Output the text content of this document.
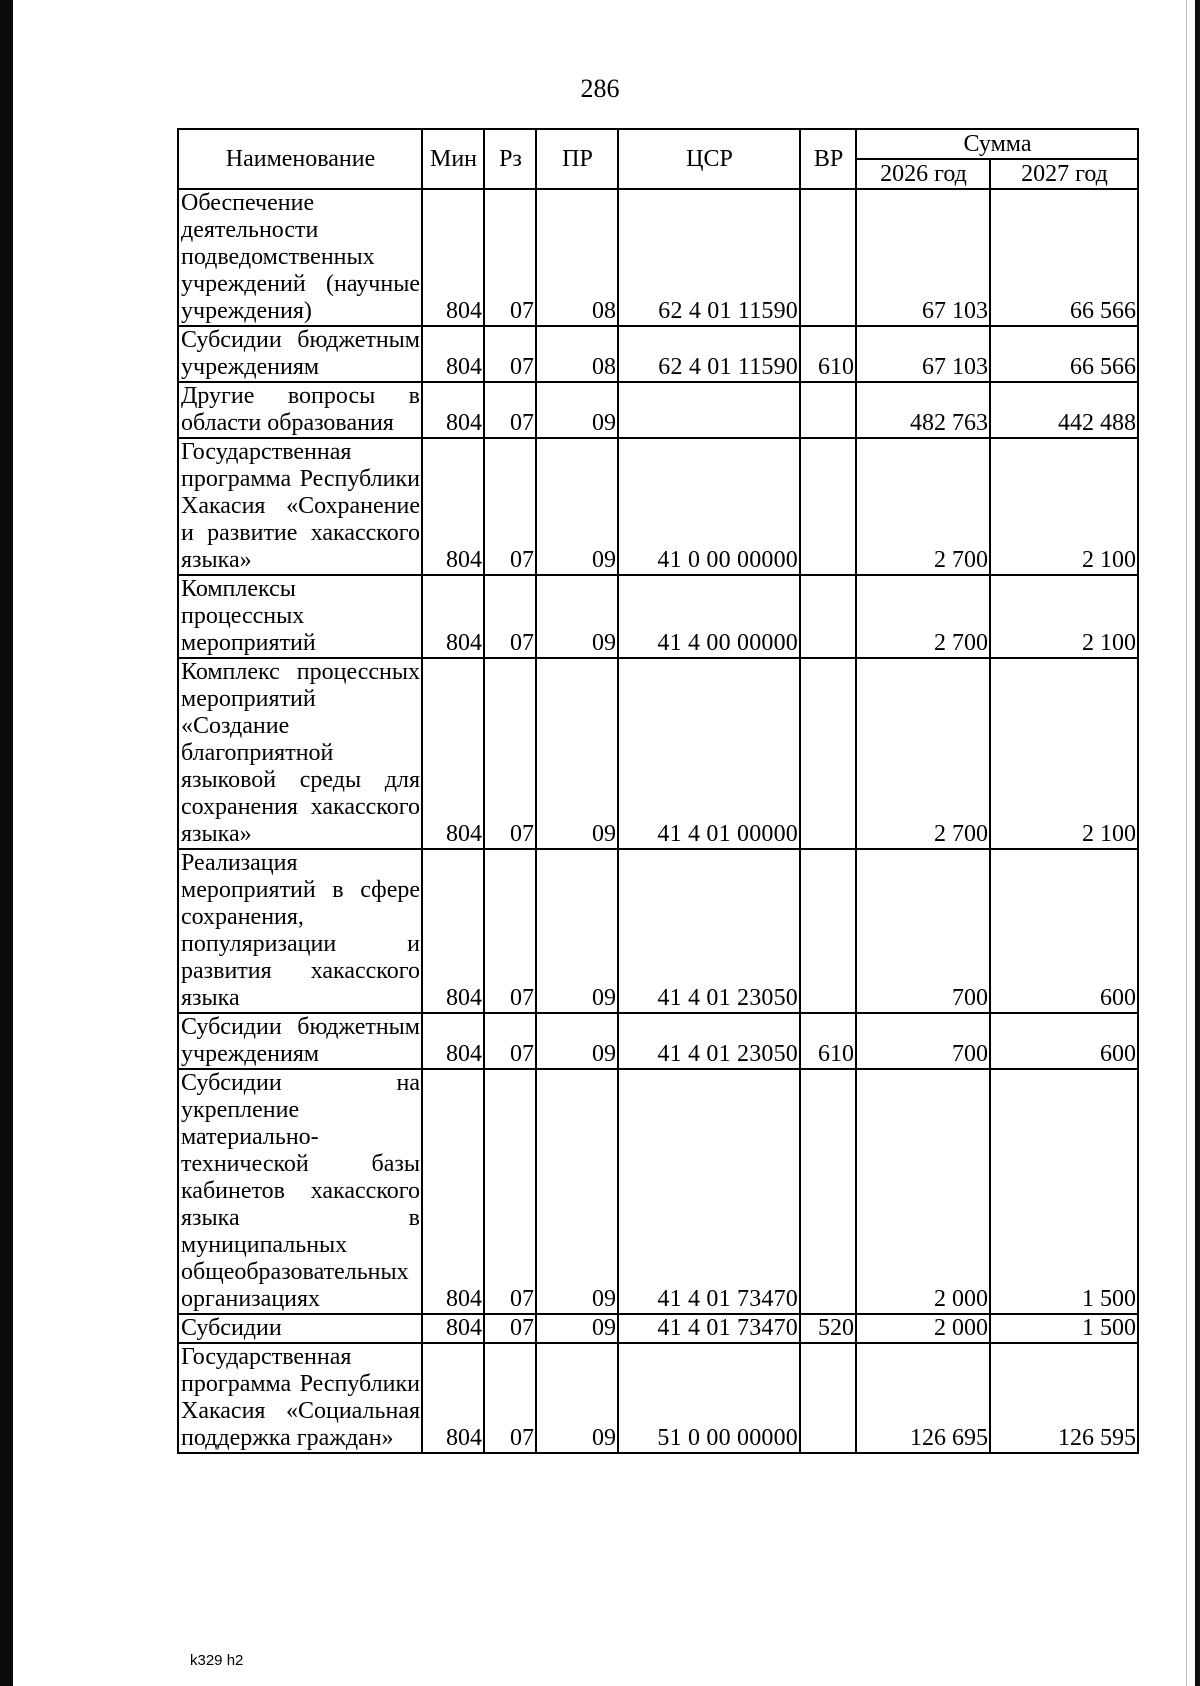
286
Наименование	Мин	Рз	ПР	ЦСР	ВР	Сумма	
						2026 год	2027 год
Обеспечение деятельности подведомственных учреждений (научные учреждения)	804	07	08	62 4 01 11590		67 103	66 566
Субсидии бюджетным учреждениям	804	07	08	62 4 01 11590	610	67 103	66 566
Другие вопросы в области образования	804	07	09			482 763	442 488
Государственная программа Республики Хакасия «Сохранение и развитие хакасского языка»	804	07	09	41 0 00 00000		2 700	2 100
Комплексы процессных мероприятий	804	07	09	41 4 00 00000		2 700	2 100
Комплекс процессных мероприятий «Создание благоприятной языковой среды для сохранения хакасского языка»	804	07	09	41 4 01 00000		2 700	2 100
Реализация мероприятий в сфере сохранения, популяризации и развития хакасского языка	804	07	09	41 4 01 23050		700	600
Субсидии бюджетным учреждениям	804	07	09	41 4 01 23050	610	700	600
Субсидии на укрепление материально-технической базы кабинетов хакасского языка в муниципальных общеобразовательных организациях	804	07	09	41 4 01 73470		2 000	1 500
Субсидии	804	07	09	41 4 01 73470	520	2 000	1 500
Государственная программа Республики Хакасия «Социальная поддержка граждан»	804	07	09	51 0 00 00000		126 695	126 595
k329 h2
